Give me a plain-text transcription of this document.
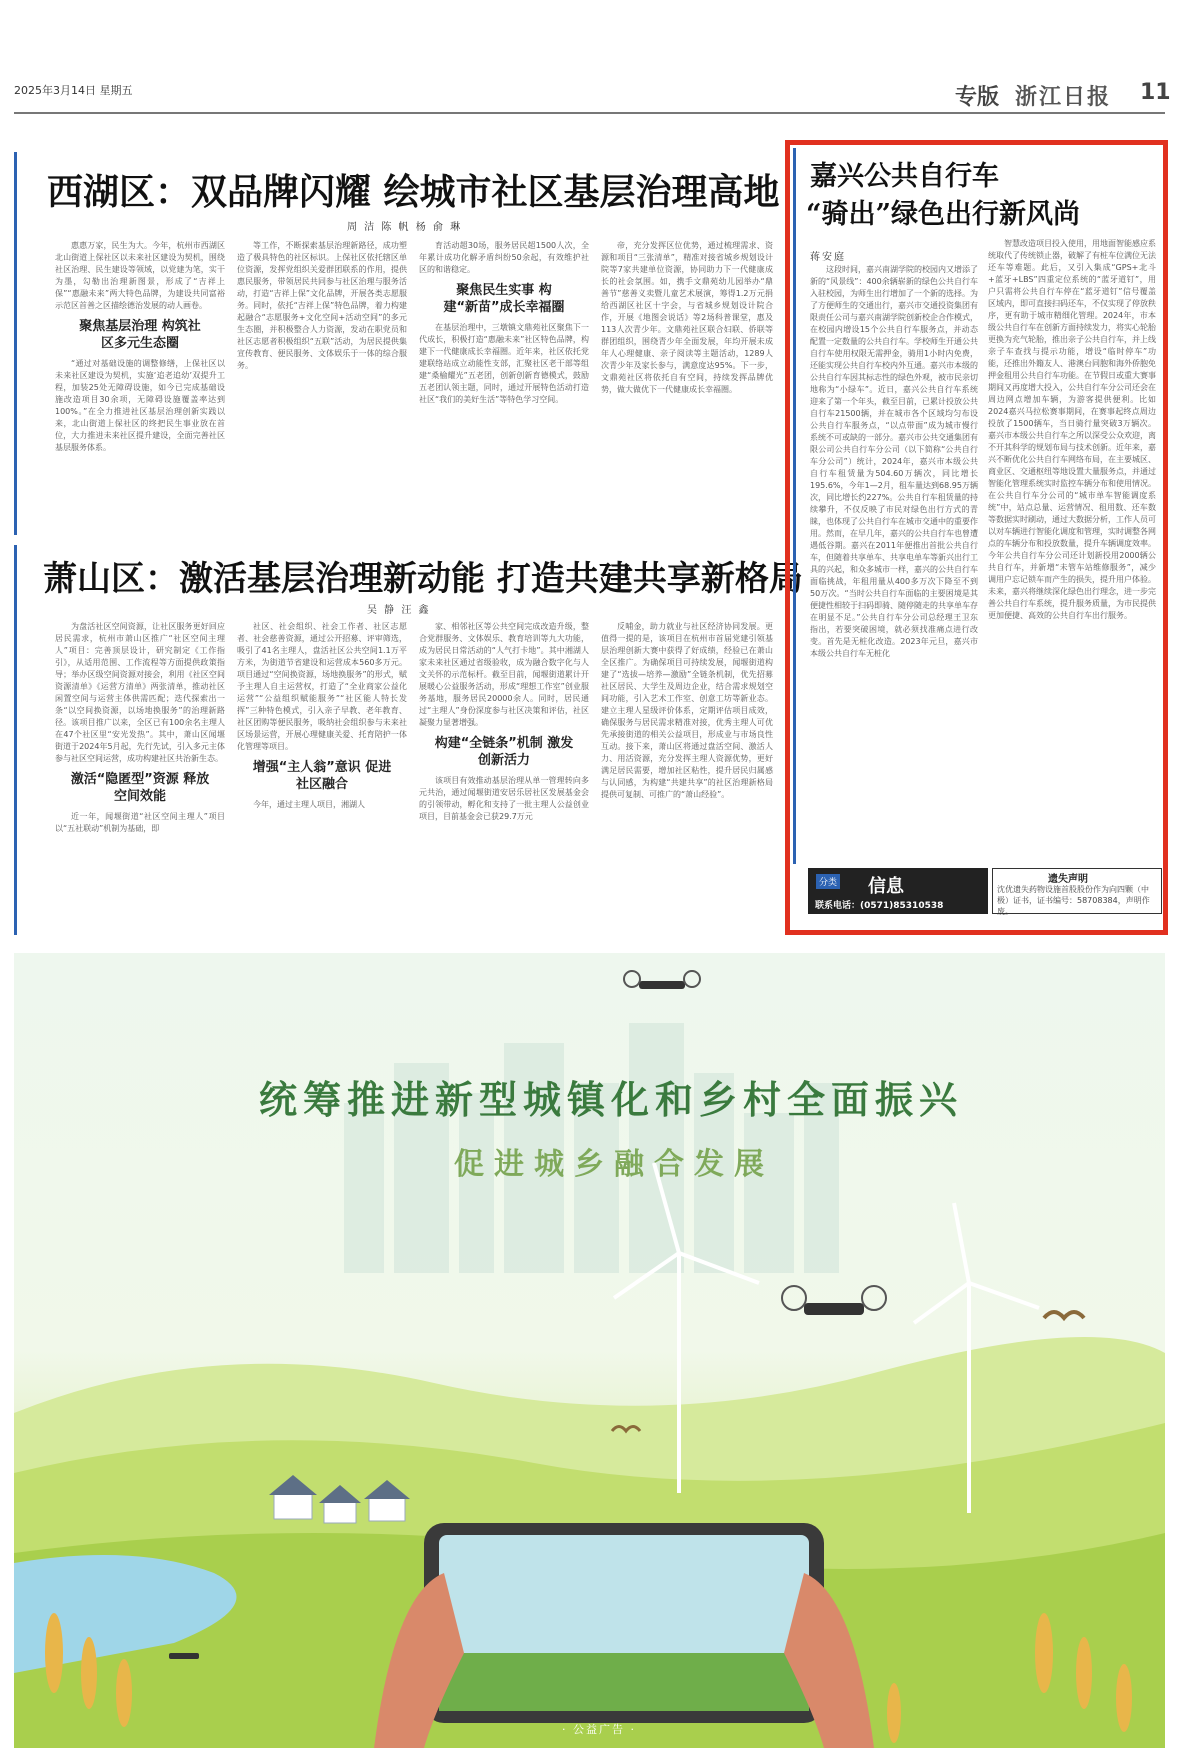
2025年3月14日 星期五	专版 浙江日报 11
西湖区：双品牌闪耀 绘城市社区基层治理高地
周 洁 陈 帆 杨 俞 琳

惠惠万家，民生为大。今年，杭州市西湖区北山街道上保社区以未来社区建设为契机，围绕社区治理、民生建设等领域，以党建为笔，实干为墨，勾勒出治理新图景，形成了“吉祥上保”“惠融未来”两大特色品牌，为建设共同富裕示范区首善之区描绘德治发展的动人画卷。

聚焦基层治理 构筑社区多元生态圈

“通过对基础设施的调整修缮，上保社区以未来社区建设为契机，实施‘追老追幼’双提升工程，加装25处无障碍设施，如今已完成基础设施改造项目30余项，无障碍设施覆盖率达到100%。”在全力推进社区基层治理创新实践以来，北山街道上保社区的终把民生事业放在首位，大力推进未来社区提升建设，全面完善社区基层服务体系。

等工作，不断探索基层治理新路径，成功塑造了极具特色的社区标识。上保社区依托辖区单位资源，发挥党组织关爱群团联系的作用，提供惠民服务，带领居民共同参与社区治理与服务活动，打造“吉祥上保”文化品牌，开展各类志愿服务。同时，依托“吉祥上保”特色品牌，着力构建起融合“志愿服务+文化空间+活动空间”的多元生态圈，并积极整合人力资源，发动在职党员和社区志愿者积极组织“五联”活动，为居民提供集宣传教育、便民服务、文体娱乐于一体的综合服务。

育活动超30场，服务居民超1500人次，全年累计成功化解矛盾纠纷50余起，有效维护社区的和谐稳定。

聚焦民生实事 构建“新苗”成长幸福圈

在基层治理中，三墩镇文鼎苑社区聚焦下一代成长，积极打造“惠融未来”社区特色品牌，构建下一代健康成长幸福圈。近年来，社区依托党建联络站成立动能性支部，汇聚社区老干部等组建“桑榆耀光”五老团，创新创新育德模式，鼓励五老团认领主题，同时，通过开展特色活动打造社区“我们的美好生活”等特色学习空间。

帝，充分发挥区位优势，通过梳理需求、资源和项目“三张清单”，精准对接省城乡规划设计院等7家共建单位资源，协同助力下一代健康成长的社会氛围。如，携手文鼎苑幼儿园举办“鼎善节”慈善义卖暨儿童艺术展演，筹得1.2万元捐给西湖区社区十字会，与省城乡规划设计院合作，开展《地图会说话》等2场科普课堂，惠及113人次青少年。文鼎苑社区联合妇联、侨联等群团组织，围绕青少年全面发展，年均开展未成年人心理健康、亲子阅读等主题活动，1289人次青少年及家长参与，满意度达95%。下一步，文鼎苑社区将依托自有空间，持续发挥品牌优势，做大做优下一代健康成长幸福圈。

萧山区：激活基层治理新动能 打造共建共享新格局
吴 静 汪 鑫

为盘活社区空间资源，让社区服务更好回应居民需求，杭州市萧山区推广“社区空间主理人”项目：完善顶层设计，研究制定《工作指引》，从适用范围、工作流程等方面提供政策指导；举办区级空间资源对接会，利用《社区空间资源清单》《运营方清单》两张清单，推动社区闲置空间与运营主体供需匹配；迭代探索出一条“以空间换资源，以场地换服务”的治理新路径。该项目推广以来，全区已有100余名主理人在47个社区里“安光发热”。其中，萧山区闻堰街道于2024年5月起，先行先试，引入多元主体参与社区空间运营，成功构建社区共治新生态。

激活“隐匿型”资源 释放空间效能

近一年，闻堰街道“社区空间主理人”项目以“五社联动”机制为基础，即

社区、社会组织、社会工作者、社区志愿者、社会慈善资源，通过公开招募、评审筛选，吸引了41名主理人，盘活社区公共空间1.1万平方米，为街道节省建设和运营成本560多万元。项目通过“空间换资源，场地换服务”的形式，赋予主理人自主运营权，打造了“全业商家公益化运营”“公益组织赋能服务”“社区能人特长发挥”三种特色模式，引入亲子早教、老年教育、社区团购等便民服务，吸纳社会组织参与未来社区场景运营，开展心理健康关爱、托育陪护一体化管理等项目。

增强“主人翁”意识 促进社区融合

今年，通过主理人项目，湘湖人

家、相邻社区等公共空间完成改造升级，整合党群服务、文体娱乐、教育培训等九大功能，成为居民日常活动的“人气打卡地”。其中湘湖人家未来社区通过省级验收，成为融合数字化与人文关怀的示范标杆。截至目前，闻堰街道累计开展暖心公益服务活动，形成“理想工作室”创业服务基地，服务居民20000余人。同时，居民通过“主理人”身份深度参与社区决策和评估，社区凝聚力显著增强。

构建“全链条”机制 激发创新活力

该项目有效推动基层治理从单一管理转向多元共治，通过闻堰街道安居乐居社区发展基金会的引领带动，孵化和支持了一批主理人公益创业项目，目前基金会已获29.7万元

反哺金，助力就业与社区经济协同发展。更值得一提的是，该项目在杭州市首届党建引领基层治理创新大赛中获得了好成绩，经验已在萧山全区推广。为确保项目可持续发展，闻堰街道构建了“选拔—培养—激励”全链条机制，优先招募社区居民、大学生及周边企业，结合需求规划空间功能，引入艺术工作室、创意工坊等新业态。建立主理人星级评价体系，定期评估项目成效，确保服务与居民需求精准对接，优秀主理人可优先承接街道的相关公益项目，形成业与市场良性互动。接下来，萧山区将通过盘活空间、激活人力、用活资源，充分发挥主理人资源优势，更好满足居民需要，增加社区粘性，提升居民归属感与认同感，为构建“共建共享”的社区治理新格局提供可复制、可推广的“萧山经验”。

嘉兴公共自行车
“骑出”绿色出行新风尚
蒋安庭

这段时间，嘉兴南湖学院的校园内又增添了新的“风景线”：400余辆崭新的绿色公共自行车入驻校园，为师生出行增加了一个新的选择。为了方便师生的交通出行，嘉兴市交通投资集团有限责任公司与嘉兴南湖学院创新校企合作模式，在校园内增设15个公共自行车服务点，并动态配置一定数量的公共自行车。学校师生开通公共自行车使用权限无需押金，骑用1小时内免费，还能实现公共自行车校内外互通。嘉兴市本级的公共自行车因其标志性的绿色外观，被市民亲切地称为“小绿车”。近日，嘉兴公共自行车系统迎来了第一个年头，截至目前，已累计投放公共自行车21500辆，并在城市各个区域均匀布设公共自行车服务点，“以点带面”成为城市慢行系统不可或缺的一部分。嘉兴市公共交通集团有限公司公共自行车分公司（以下简称“公共自行车分公司”）统计，2024年，嘉兴市本级公共自行车租赁量为504.60万辆次，同比增长195.6%，今年1—2月，租车量达到68.95万辆次，同比增长约227%。公共自行车租赁量的持续攀升，不仅反映了市民对绿色出行方式的青睐，也体现了公共自行车在城市交通中的重要作用。然而，在早几年，嘉兴的公共自行车也曾遭遇低谷期。嘉兴在2011年便推出首批公共自行车，但随着共享单车、共享电单车等新兴出行工具的兴起，和众多城市一样，嘉兴的公共自行车面临挑战，年租用量从400多万次下降至不到50万次。“当时公共自行车面临的主要困境是其便捷性相较于扫码即骑、随停随走的共享单车存在明显不足。”公共自行车分公司总经理王卫东指出，若要突破困境，就必须找准痛点进行改变。首先是无桩化改造。2023年元旦，嘉兴市本级公共自行车无桩化

智慧改造项目投入使用，用地面智能感应系统取代了传统锁止器，破解了有桩车位满位无法还车等难题。此后，又引入集成“GPS+北斗+蓝牙+LBS”四重定位系统的“蓝牙道钉”，用户只需将公共自行车停在“蓝牙道钉”信号覆盖区域内，即可直接扫码还车，不仅实现了停放秩序，更有助于城市精细化管理。2024年，市本级公共自行车在创新方面持续发力，将实心轮胎更换为充气轮胎，推出亲子公共自行车，并上线亲子车查找与提示功能，增设“临时停车”功能，还推出外籍友人、港澳台同胞和海外侨胞免押金租用公共自行车功能。在节假日或重大赛事期间又再度增大投入，公共自行车分公司还会在周边网点增加车辆，为游客提供便利。比如2024嘉兴马拉松赛事期间，在赛事起终点周边投放了1500辆车，当日骑行量突破3万辆次。嘉兴市本级公共自行车之所以深受公众欢迎，离不开其科学的规划布局与技术创新。近年来，嘉兴不断优化公共自行车网络布局，在主要城区、商业区、交通枢纽等地设置大量服务点，并通过智能化管理系统实时监控车辆分布和使用情况。在公共自行车分公司的“城市单车智能调度系统”中，站点总量、运营情况、租用数、还车数等数据实时刷动，通过大数据分析，工作人员可以对车辆进行智能化调度和管理，实时调整各网点的车辆分布和投放数量，提升车辆调度效率。今年公共自行车分公司还计划新投用2000辆公共自行车，并新增“未管车站维修服务”，减少调用户忘记锁车而产生的损失，提升用户体验。未来，嘉兴将继续深化绿色出行理念，进一步完善公共自行车系统，提升服务质量，为市民提供更加便捷、高效的公共自行车出行服务。

分类 信息
联系电话：(0571)85310538
遗失声明
沈优遗失药物设施首股股份作为向四颗（中极）证书，证书编号：58708384，声明作废。
统筹推进新型城镇化和乡村全面振兴
促进城乡融合发展
· 公益广告 ·
